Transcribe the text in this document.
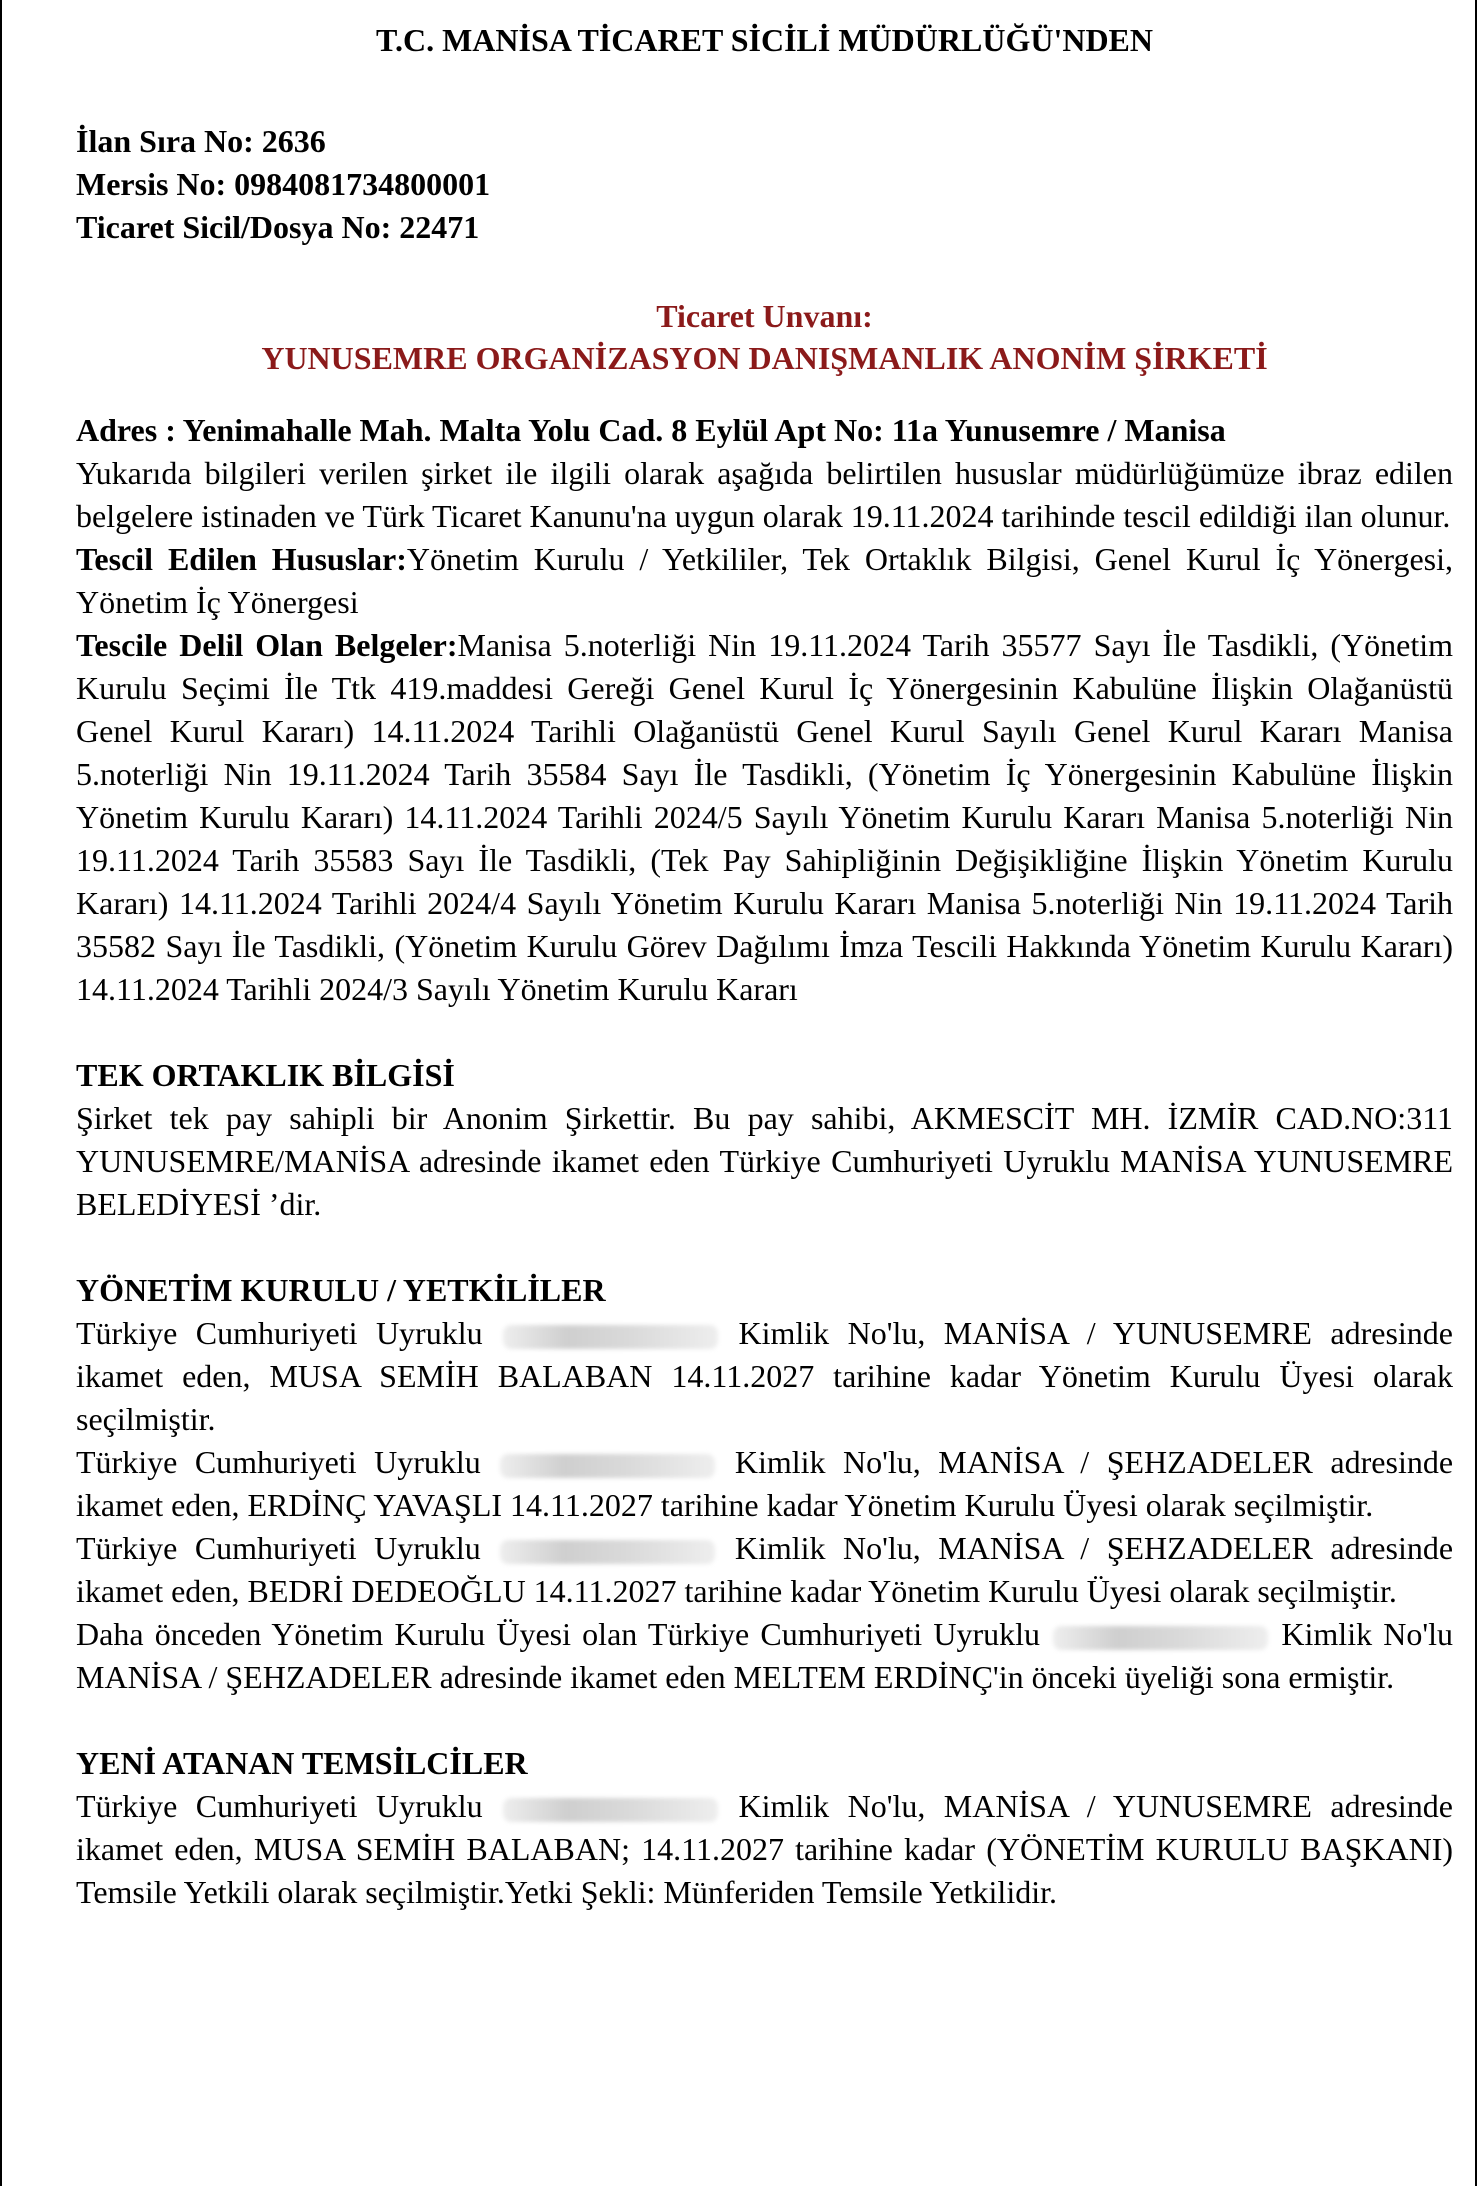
T.C. MANİSA TİCARET SİCİLİ MÜDÜRLÜĞÜ'NDEN
İlan Sıra No: 2636
Mersis No: 0984081734800001
Ticaret Sicil/Dosya No: 22471
Ticaret Unvanı:
YUNUSEMRE ORGANİZASYON DANIŞMANLIK ANONİM ŞİRKETİ
Adres : Yenimahalle Mah. Malta Yolu Cad. 8 Eylül Apt No: 11a Yunusemre / Manisa
Yukarıda bilgileri verilen şirket ile ilgili olarak aşağıda belirtilen hususlar müdürlüğümüze ibraz edilen belgelere istinaden ve Türk Ticaret Kanunu'na uygun olarak 19.11.2024 tarihinde tescil edildiği ilan olunur.
Tescil Edilen Hususlar:Yönetim Kurulu / Yetkililer, Tek Ortaklık Bilgisi, Genel Kurul İç Yönergesi, Yönetim İç Yönergesi
Tescile Delil Olan Belgeler:Manisa 5.noterliği Nin 19.11.2024 Tarih 35577 Sayı İle Tasdikli, (Yönetim Kurulu Seçimi İle Ttk 419.maddesi Gereği Genel Kurul İç Yönergesinin Kabulüne İlişkin Olağanüstü Genel Kurul Kararı) 14.11.2024 Tarihli Olağanüstü Genel Kurul Sayılı Genel Kurul Kararı Manisa 5.noterliği Nin 19.11.2024 Tarih 35584 Sayı İle Tasdikli, (Yönetim İç Yönergesinin Kabulüne İlişkin Yönetim Kurulu Kararı) 14.11.2024 Tarihli 2024/5 Sayılı Yönetim Kurulu Kararı Manisa 5.noterliği Nin 19.11.2024 Tarih 35583 Sayı İle Tasdikli, (Tek Pay Sahipliğinin Değişikliğine İlişkin Yönetim Kurulu Kararı) 14.11.2024 Tarihli 2024/4 Sayılı Yönetim Kurulu Kararı Manisa 5.noterliği Nin 19.11.2024 Tarih 35582 Sayı İle Tasdikli, (Yönetim Kurulu Görev Dağılımı İmza Tescili Hakkında Yönetim Kurulu Kararı) 14.11.2024 Tarihli 2024/3 Sayılı Yönetim Kurulu Kararı
TEK ORTAKLIK BİLGİSİ
Şirket tek pay sahipli bir Anonim Şirkettir. Bu pay sahibi, AKMESCİT MH. İZMİR CAD.NO:311 YUNUSEMRE/MANİSA adresinde ikamet eden Türkiye Cumhuriyeti Uyruklu MANİSA YUNUSEMRE BELEDİYESİ ’dir.
YÖNETİM KURULU / YETKİLİLER
Türkiye Cumhuriyeti Uyruklu	Kimlik No'lu, MANİSA / YUNUSEMRE adresinde ikamet eden, MUSA SEMİH BALABAN 14.11.2027 tarihine kadar Yönetim Kurulu Üyesi olarak seçilmiştir.
Türkiye Cumhuriyeti Uyruklu	Kimlik No'lu, MANİSA / ŞEHZADELER adresinde ikamet eden, ERDİNÇ YAVAŞLI 14.11.2027 tarihine kadar Yönetim Kurulu Üyesi olarak seçilmiştir.
Türkiye Cumhuriyeti Uyruklu	Kimlik No'lu, MANİSA / ŞEHZADELER adresinde ikamet eden, BEDRİ DEDEOĞLU 14.11.2027 tarihine kadar Yönetim Kurulu Üyesi olarak seçilmiştir.
Daha önceden Yönetim Kurulu Üyesi olan Türkiye Cumhuriyeti Uyruklu	Kimlik No'lu MANİSA / ŞEHZADELER adresinde ikamet eden MELTEM ERDİNÇ'in önceki üyeliği sona ermiştir.
YENİ ATANAN TEMSİLCİLER
Türkiye Cumhuriyeti Uyruklu	Kimlik No'lu, MANİSA / YUNUSEMRE adresinde ikamet eden, MUSA SEMİH BALABAN; 14.11.2027 tarihine kadar (YÖNETİM KURULU BAŞKANI) Temsile Yetkili olarak seçilmiştir.Yetki Şekli: Münferiden Temsile Yetkilidir.
